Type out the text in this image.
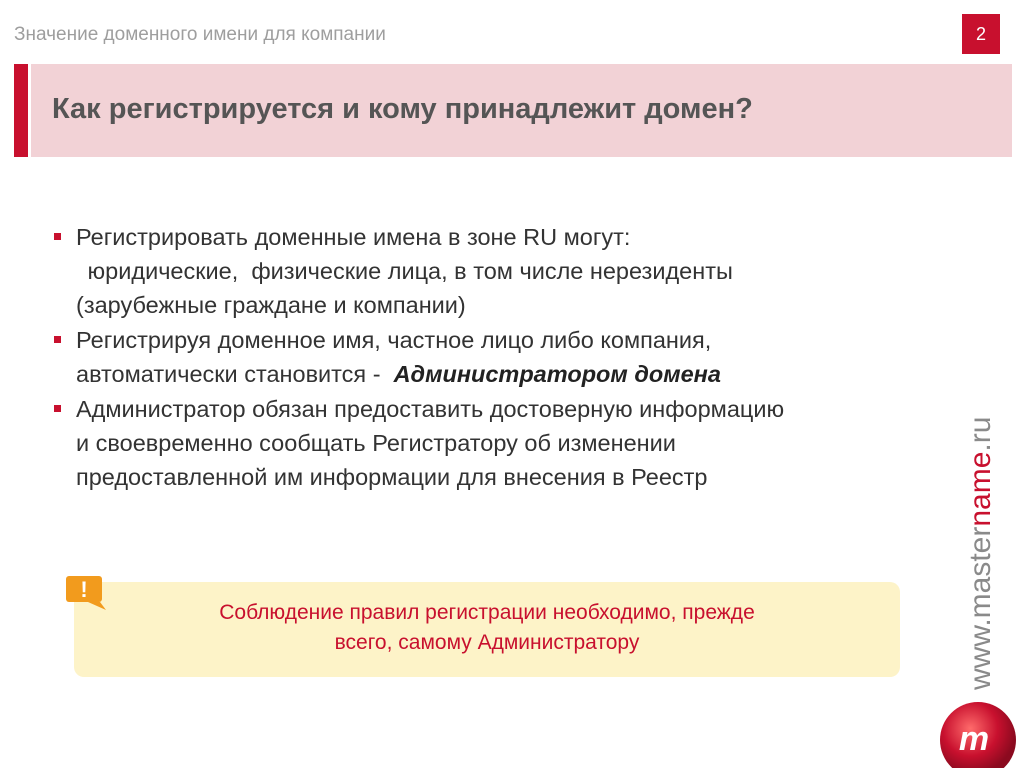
Значение доменного имени для компании	2
Как регистрируется и кому принадлежит домен?
Регистрировать доменные имена в зоне RU могут:
юридические,  физические лица, в том числе нерезиденты
(зарубежные граждане и компании)
Регистрируя доменное имя, частное лицо либо компания,
автоматически становится -  Администратором домена
Администратор обязан предоставить достоверную информацию
и своевременно сообщать Регистратору об изменении
предоставленной им информации для внесения в Реестр
!
Соблюдение правил регистрации необходимо, прежде
всего, самому Администратору	www.mastername.ru
m
